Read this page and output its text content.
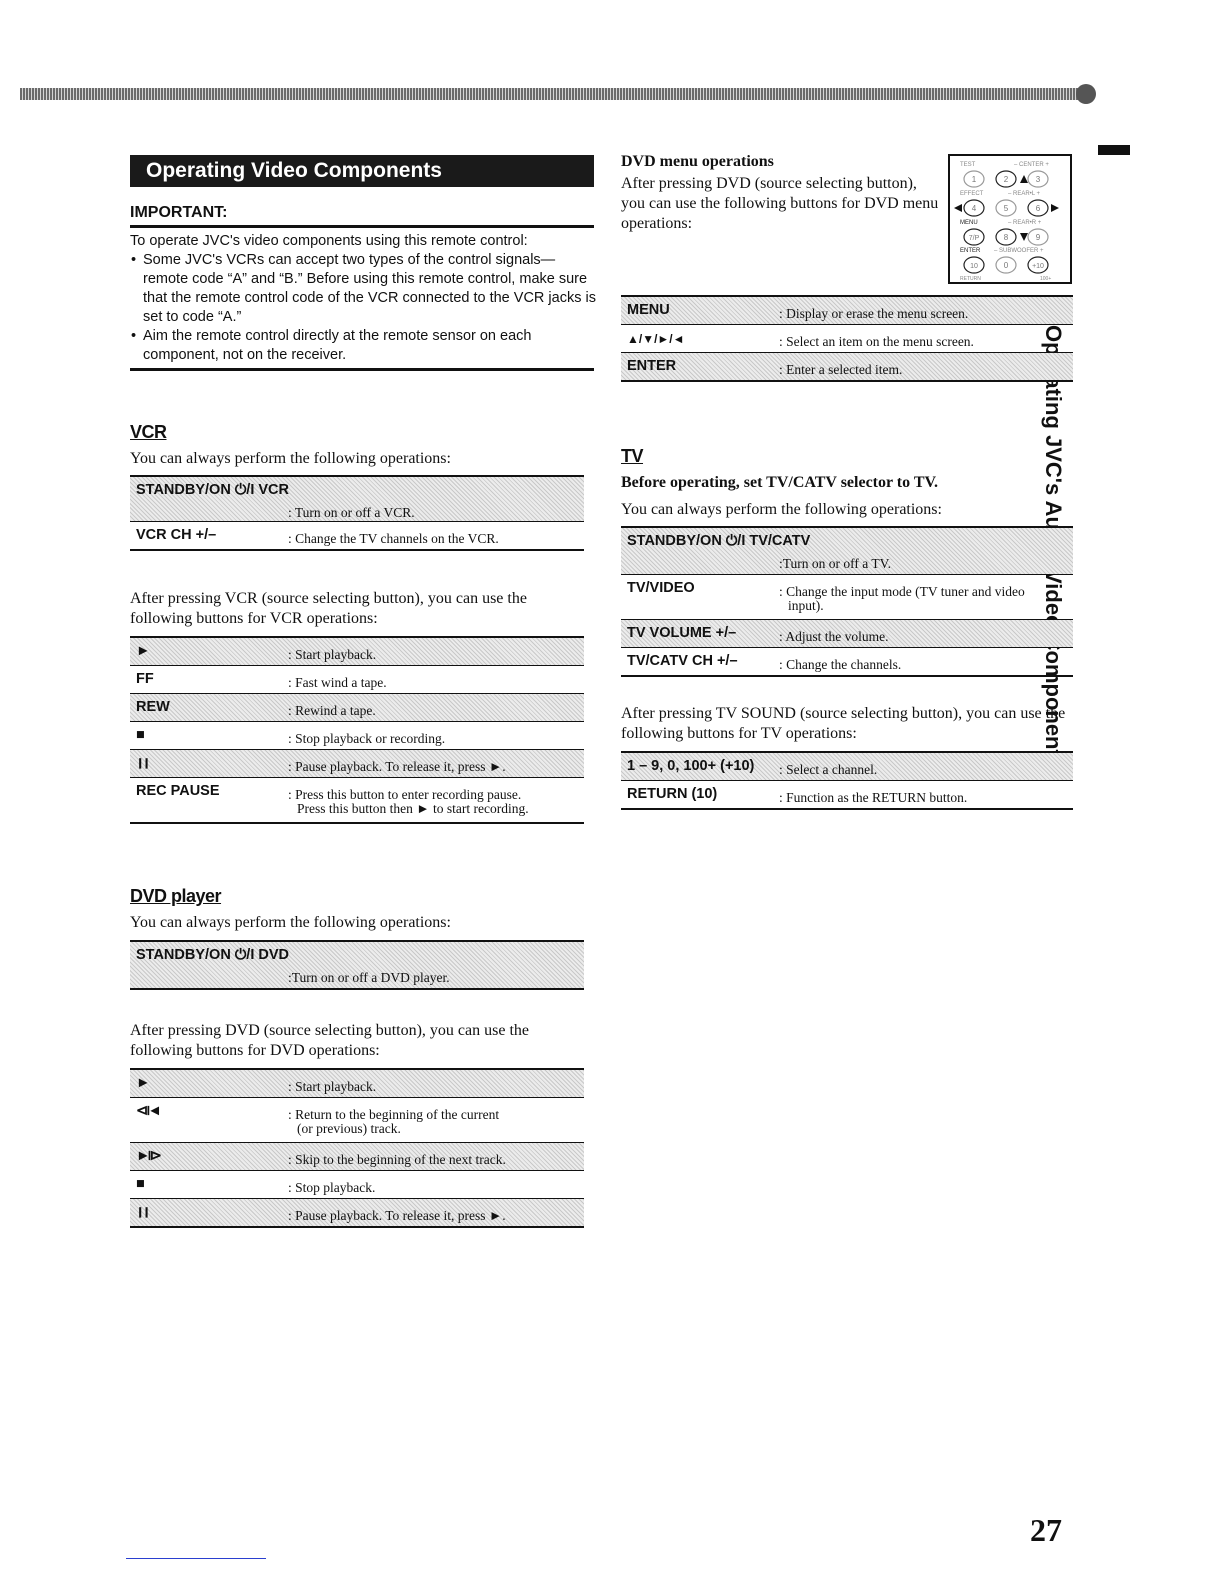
Operating Video Components
IMPORTANT:

To operate JVC's video components using this remote control:

• Some JVC's VCRs can accept two types of the control signals—remote code “A” and “B.” Before using this remote control, make sure that the remote control code of the VCR connected to the VCR jacks is set to code “A.”
• Aim the remote control directly at the remote sensor on each component, not on the receiver.
VCR
You can always perform the following operations:
STANDBY/ON ⏻/I VCR
: Turn on or off a VCR.
VCR CH +/–	: Change the TV channels on the VCR.
After pressing VCR (source selecting button), you can use the following buttons for VCR operations:
►	: Start playback.
FF	: Fast wind a tape.
REW	: Rewind a tape.
■	: Stop playback or recording.
❙❙	: Pause playback. To release it, press ►.
REC PAUSE	: Press this button to enter recording pause.
Press this button then ► to start recording.
DVD player
You can always perform the following operations:
STANDBY/ON ⏻/I DVD
:Turn on or off a DVD player.
After pressing DVD (source selecting button), you can use the following buttons for DVD operations:
►	: Start playback.
⧏◄	: Return to the beginning of the current
(or previous) track.
►⧐	: Skip to the beginning of the next track.
■	: Stop playback.
❙❙	: Pause playback. To release it, press ►.
DVD menu operations
After pressing DVD (source selecting button), you can use the following buttons for DVD menu operations:
TEST	– CENTER +
EFFECT	– REAR•L +
MENU	– REAR•R +
ENTER – SUBWOOFER +
RETURN	100+
1	2	3
4	5	6
7/P	8	9
10	0	+10
MENU	: Display or erase the menu screen.
▲/▼/►/◄	: Select an item on the menu screen.
ENTER	: Enter a selected item.
TV
Before operating, set TV/CATV selector to TV.
You can always perform the following operations:
STANDBY/ON ⏻/I TV/CATV
:Turn on or off a TV.
TV/VIDEO	: Change the input mode (TV tuner and video
input).
TV VOLUME +/–	: Adjust the volume.
TV/CATV CH +/–	: Change the channels.
After pressing TV SOUND (source selecting button), you can use the following buttons for TV operations:
1 – 9, 0, 100+ (+10) : Select a channel.
RETURN (10)	: Function as the RETURN button.
27
